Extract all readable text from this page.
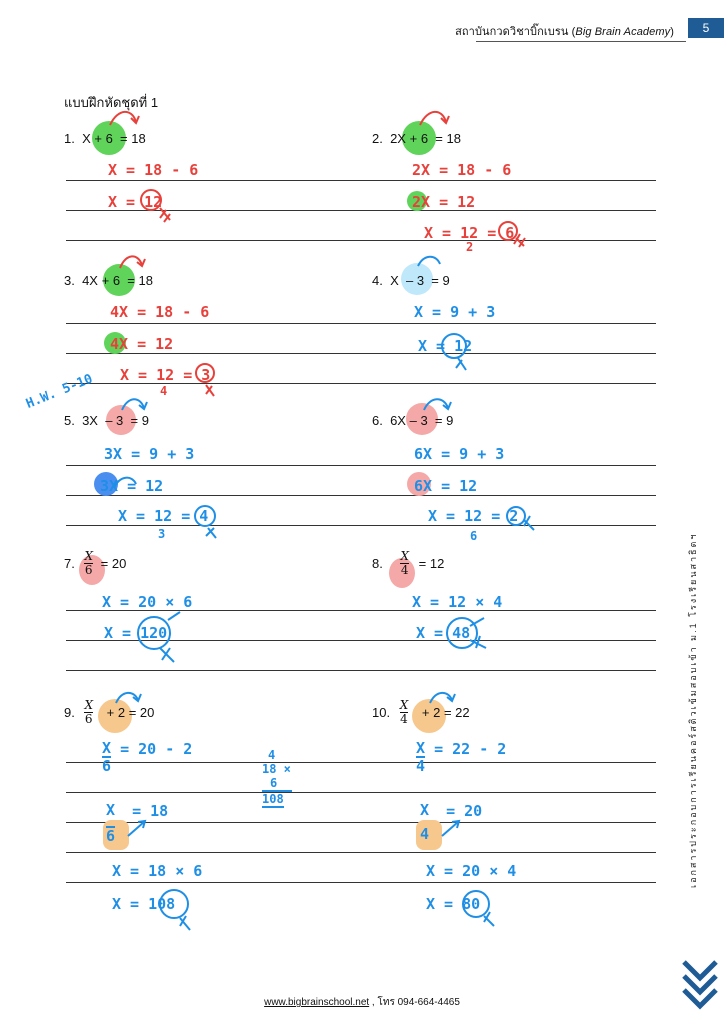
สถาบันกวดวิชาบิ๊กเบรน (Big Brain Academy)	5
แบบฝึกหัดชุดที่ 1
1. X + 6 = 18	2. 2X + 6 = 18
3. 4X + 6 = 18	4. X – 3 = 9
5. 3X – 3 = 9	6. 6X – 3 = 9
7. $\frac{X}{6} = 20$	8. $\frac{X}{4} = 12$
9. $\frac{X}{6} + 2 = 20$	10. $\frac{X}{4} + 2 = 22$
X = 18 - 6
X = 12
2X = 18 - 6
2X = 12
X = 12 = 6
2
4X = 18 - 6
4X = 12
X = 12 = 3
4
X = 9 + 3
X = 12
H.W. 5-10
3X = 9 + 3
3X = 12
X = 12 = 4
3
6X = 9 + 3
6X = 12
X = 12 = 2
6
X = 20 × 6
X = 120
X = 12 × 4
X = 48
$\frac{X}{6} = 20 - 2$
$\frac{X}{6} = 18$
X = 18 × 6
X = 108
4
18 ×
6
108
$\frac{X}{4} = 22 - 2$
X
4
= 20
X = 20 × 4
X = 80
เอกสารประกอบการเรียนคอร์สติวเข้มสอบเข้า ม.1 โรงเรียนสาธิตฯ
www.bigbrainschool.net , โทร 094-664-4465
